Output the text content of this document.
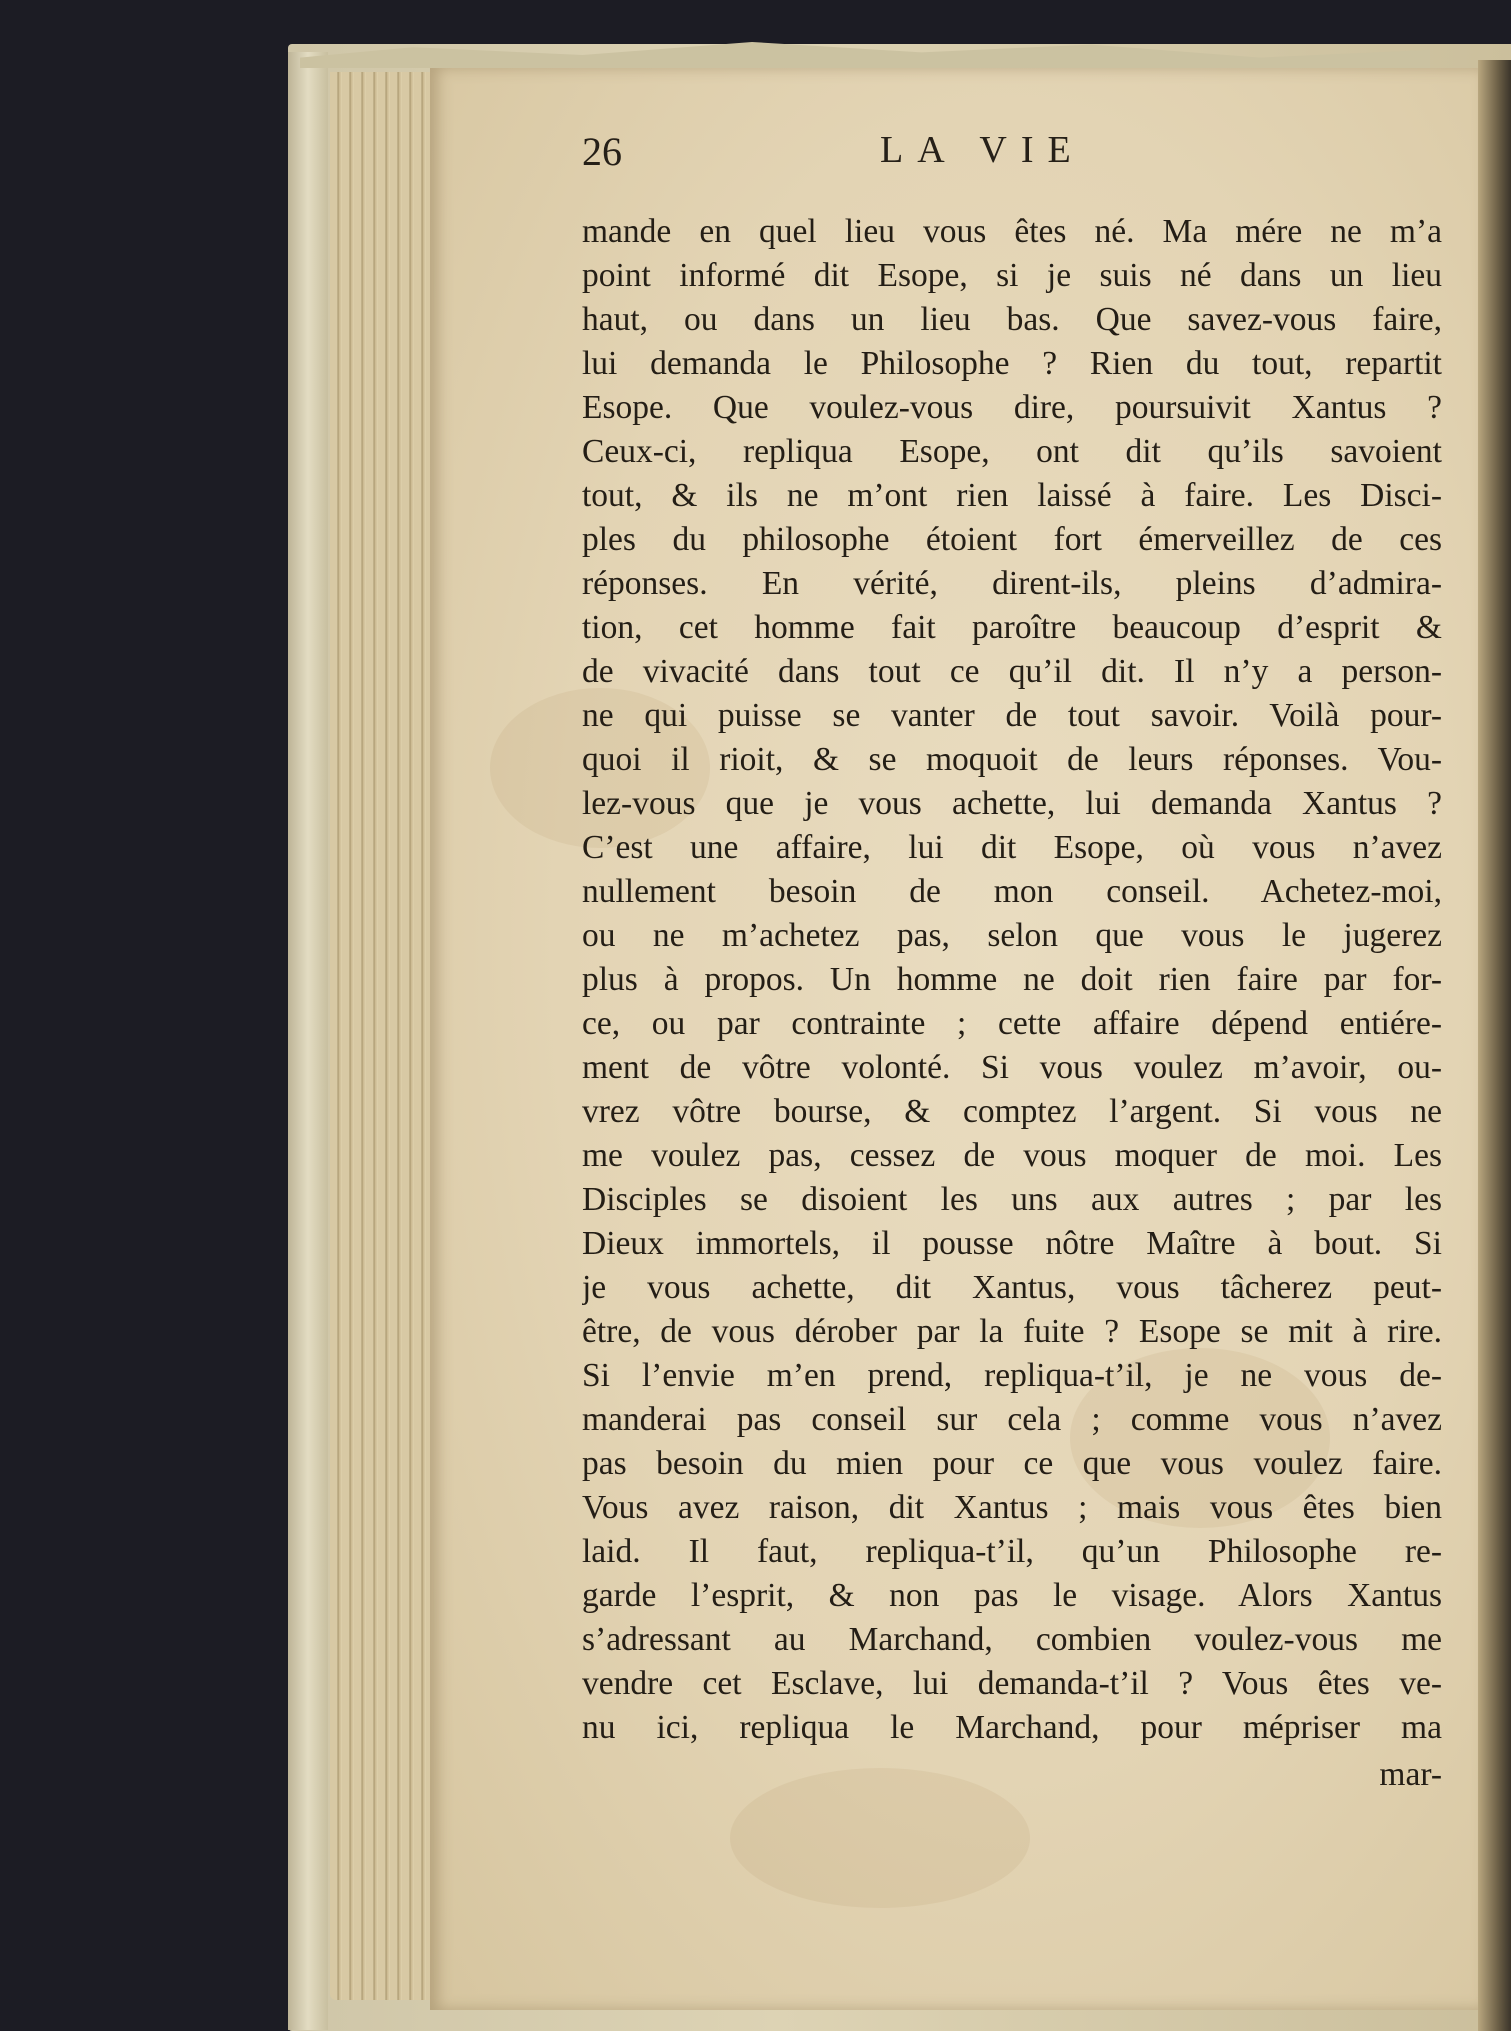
26	LA VIE
mande en quel lieu vous êtes né. Ma mére ne m’a
point informé dit Esope, si je suis né dans un lieu
haut, ou dans un lieu bas. Que savez-vous faire,
lui demanda le Philosophe ? Rien du tout, repartit
Esope. Que voulez-vous dire, poursuivit Xantus ?
Ceux-ci, repliqua Esope, ont dit qu’ils savoient
tout, & ils ne m’ont rien laissé à faire. Les Disci-
ples du philosophe étoient fort émerveillez de ces
réponses. En vérité, dirent-ils, pleins d’admira-
tion, cet homme fait paroître beaucoup d’esprit &
de vivacité dans tout ce qu’il dit. Il n’y a person-
ne qui puisse se vanter de tout savoir. Voilà pour-
quoi il rioit, & se moquoit de leurs réponses. Vou-
lez-vous que je vous achette, lui demanda Xantus ?
C’est une affaire, lui dit Esope, où vous n’avez
nullement besoin de mon conseil. Achetez-moi,
ou ne m’achetez pas, selon que vous le jugerez
plus à propos. Un homme ne doit rien faire par for-
ce, ou par contrainte ; cette affaire dépend entiére-
ment de vôtre volonté. Si vous voulez m’avoir, ou-
vrez vôtre bourse, & comptez l’argent. Si vous ne
me voulez pas, cessez de vous moquer de moi. Les
Disciples se disoient les uns aux autres ; par les
Dieux immortels, il pousse nôtre Maître à bout. Si
je vous achette, dit Xantus, vous tâcherez peut-
être, de vous dérober par la fuite ? Esope se mit à rire.
Si l’envie m’en prend, repliqua-t’il, je ne vous de-
manderai pas conseil sur cela ; comme vous n’avez
pas besoin du mien pour ce que vous voulez faire.
Vous avez raison, dit Xantus ; mais vous êtes bien
laid. Il faut, repliqua-t’il, qu’un Philosophe re-
garde l’esprit, & non pas le visage. Alors Xantus
s’adressant au Marchand, combien voulez-vous me
vendre cet Esclave, lui demanda-t’il ? Vous êtes ve-
nu ici, repliqua le Marchand, pour mépriser ma
mar-
